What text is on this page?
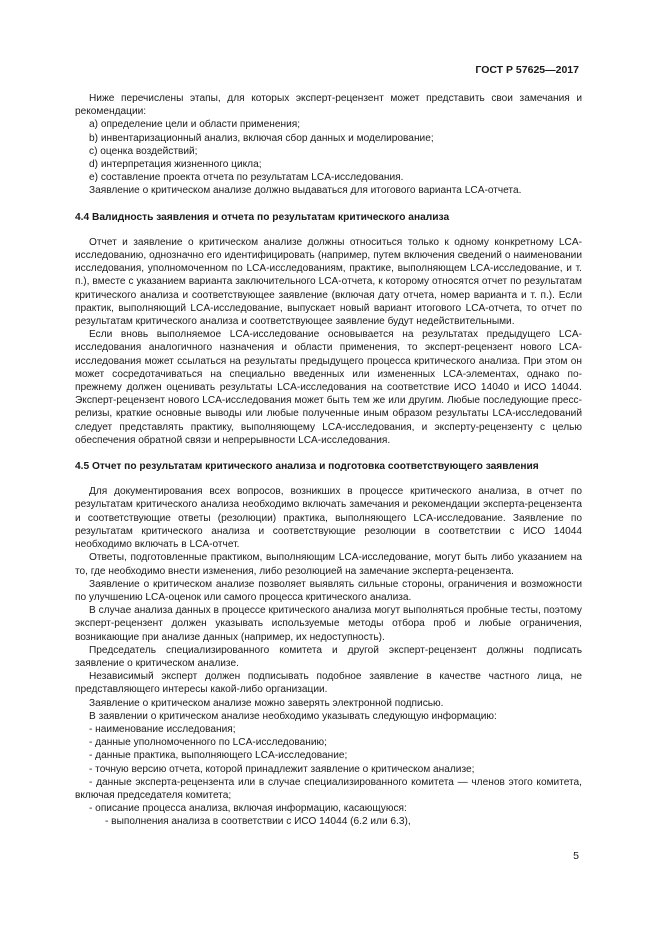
ГОСТ Р 57625—2017

Ниже перечислены этапы, для которых эксперт-рецензент может представить свои замечания и рекомендации:

а) определение цели и области применения;
b) инвентаризационный анализ, включая сбор данных и моделирование;
c) оценка воздействий;
d) интерпретация жизненного цикла;
е) составление проекта отчета по результатам LCA-исследования.

Заявление о критическом анализе должно выдаваться для итогового варианта LCA-отчета.

4.4 Валидность заявления и отчета по результатам критического анализа

Отчет и заявление о критическом анализе должны относиться только к одному конкретному LCA-исследованию, однозначно его идентифицировать (например, путем включения сведений о наименовании исследования, уполномоченном по LCA-исследованиям, практике, выполняющем LCA-исследование, и т. п.), вместе с указанием варианта заключительного LCA-отчета, к которому относятся отчет по результатам критического анализа и соответствующее заявление (включая дату отчета, номер варианта и т. п.). Если практик, выполняющий LCA-исследование, выпускает новый вариант итогового LCA-отчета, то отчет по результатам критического анализа и соответствующее заявление будут недействительными.

Если вновь выполняемое LCA-исследование основывается на результатах предыдущего LCA-исследования аналогичного назначения и области применения, то эксперт-рецензент нового LCA-исследования может ссылаться на результаты предыдущего процесса критического анализа. При этом он может сосредотачиваться на специально введенных или измененных LCA-элементах, однако по-прежнему должен оценивать результаты LCA-исследования на соответствие ИСО 14040 и ИСО 14044. Эксперт-рецензент нового LCA-исследования может быть тем же или другим. Любые последующие пресс-релизы, краткие основные выводы или любые полученные иным образом результаты LCA-исследований следует представлять практику, выполняющему LCA-исследования, и эксперту-рецензенту с целью обеспечения обратной связи и непрерывности LCA-исследования.

4.5 Отчет по результатам критического анализа и подготовка соответствующего заявления

Для документирования всех вопросов, возникших в процессе критического анализа, в отчет по результатам критического анализа необходимо включать замечания и рекомендации эксперта-рецензента и соответствующие ответы (резолюции) практика, выполняющего LCA-исследование. Заявление по результатам критического анализа и соответствующие резолюции в соответствии с ИСО 14044 необходимо включать в LCA-отчет.

Ответы, подготовленные практиком, выполняющим LCA-исследование, могут быть либо указанием на то, где необходимо внести изменения, либо резолюцией на замечание эксперта-рецензента.

Заявление о критическом анализе позволяет выявлять сильные стороны, ограничения и возможности по улучшению LCA-оценок или самого процесса критического анализа.

В случае анализа данных в процессе критического анализа могут выполняться пробные тесты, поэтому эксперт-рецензент должен указывать используемые методы отбора проб и любые ограничения, возникающие при анализе данных (например, их недоступность).

Председатель специализированного комитета и другой эксперт-рецензент должны подписать заявление о критическом анализе.

Независимый эксперт должен подписывать подобное заявление в качестве частного лица, не представляющего интересы какой-либо организации.

Заявление о критическом анализе можно заверять электронной подписью.

В заявлении о критическом анализе необходимо указывать следующую информацию:

- наименование исследования;
- данные уполномоченного по LCA-исследованию;
- данные практика, выполняющего LCA-исследование;
- точную версию отчета, которой принадлежит заявление о критическом анализе;
- данные эксперта-рецензента или в случае специализированного комитета — членов этого комитета, включая председателя комитета;
- описание процесса анализа, включая информацию, касающуюся:
- выполнения анализа в соответствии с ИСО 14044 (6.2 или 6.3),
5
